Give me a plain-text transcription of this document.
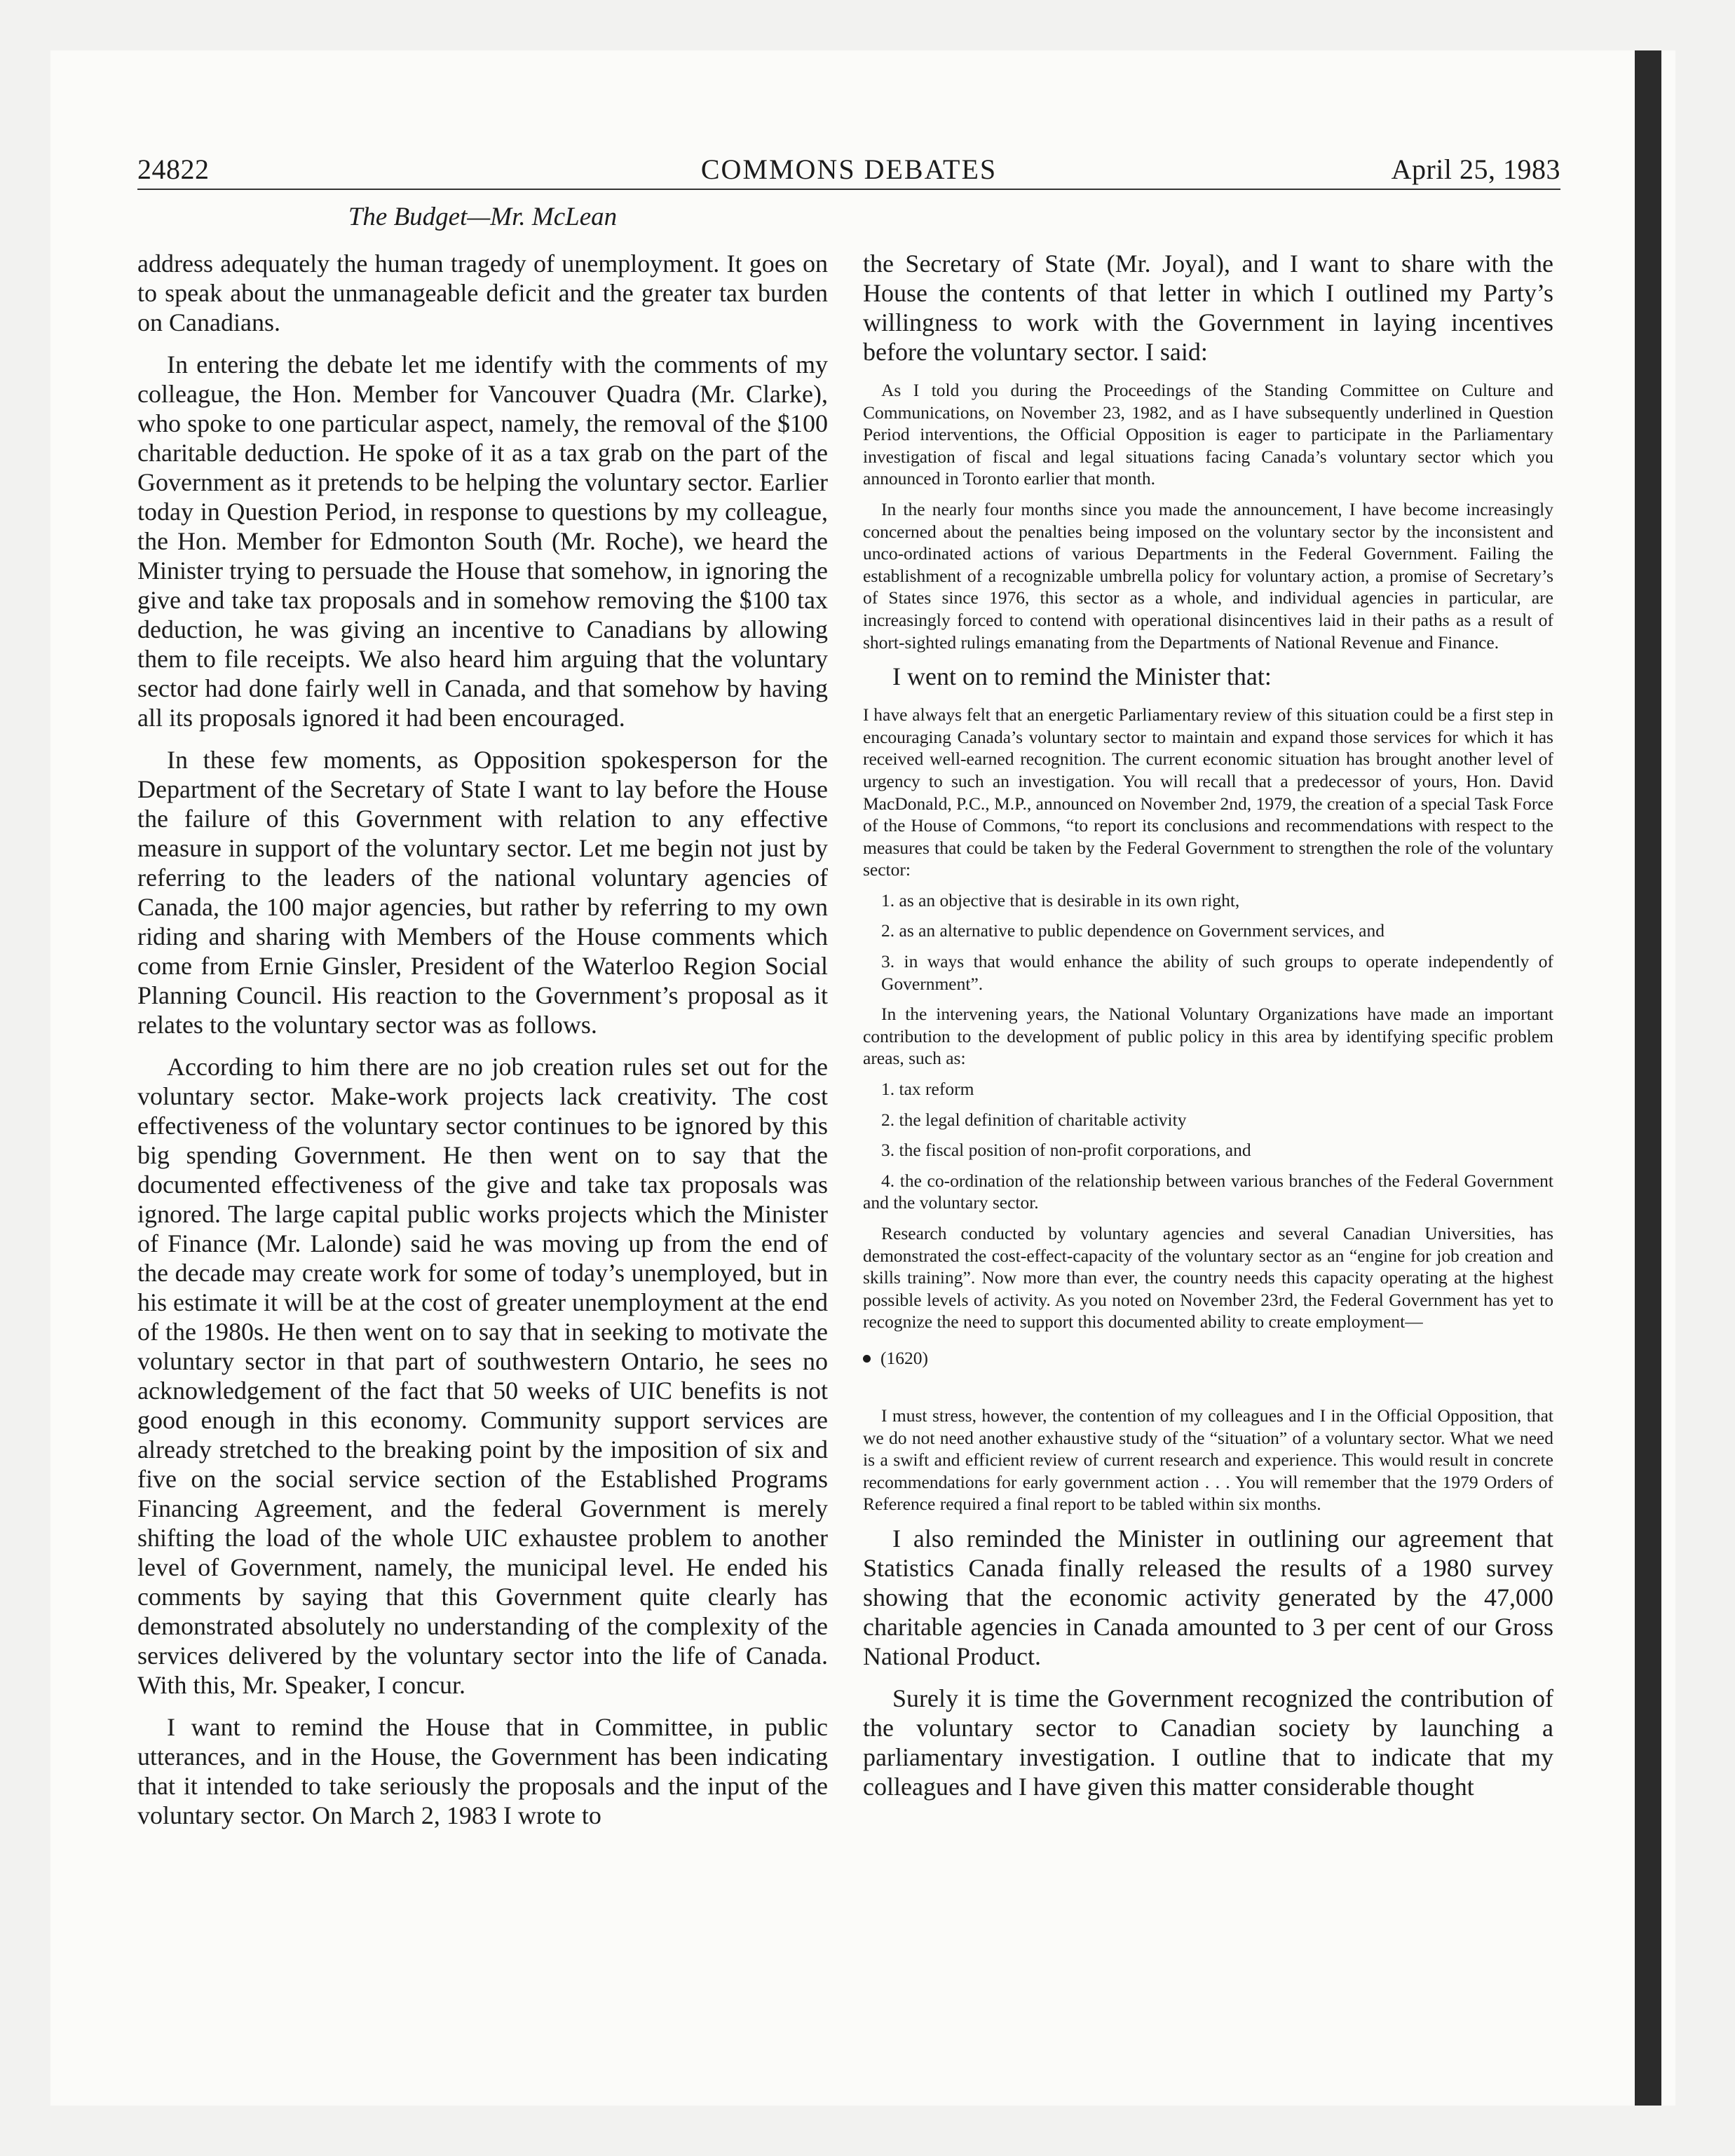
24822	COMMONS DEBATES	April 25, 1983
The Budget—Mr. McLean

address adequately the human tragedy of unemployment. It goes on to speak about the unmanageable deficit and the greater tax burden on Canadians.

In entering the debate let me identify with the comments of my colleague, the Hon. Member for Vancouver Quadra (Mr. Clarke), who spoke to one particular aspect, namely, the removal of the $100 charitable deduction. He spoke of it as a tax grab on the part of the Government as it pretends to be helping the voluntary sector. Earlier today in Question Period, in response to questions by my colleague, the Hon. Member for Edmonton South (Mr. Roche), we heard the Minister trying to persuade the House that somehow, in ignoring the give and take tax proposals and in somehow removing the $100 tax deduction, he was giving an incentive to Canadians by allowing them to file receipts. We also heard him arguing that the voluntary sector had done fairly well in Canada, and that somehow by having all its proposals ignored it had been encouraged.

In these few moments, as Opposition spokesperson for the Department of the Secretary of State I want to lay before the House the failure of this Government with relation to any effective measure in support of the voluntary sector. Let me begin not just by referring to the leaders of the national voluntary agencies of Canada, the 100 major agencies, but rather by referring to my own riding and sharing with Members of the House comments which come from Ernie Ginsler, President of the Waterloo Region Social Planning Council. His reaction to the Government’s proposal as it relates to the voluntary sector was as follows.

According to him there are no job creation rules set out for the voluntary sector. Make-work projects lack creativity. The cost effectiveness of the voluntary sector continues to be ignored by this big spending Government. He then went on to say that the documented effectiveness of the give and take tax proposals was ignored. The large capital public works projects which the Minister of Finance (Mr. Lalonde) said he was moving up from the end of the decade may create work for some of today’s unemployed, but in his estimate it will be at the cost of greater unemployment at the end of the 1980s. He then went on to say that in seeking to motivate the voluntary sector in that part of southwestern Ontario, he sees no acknowledgement of the fact that 50 weeks of UIC benefits is not good enough in this economy. Community support services are already stretched to the breaking point by the imposition of six and five on the social service section of the Established Programs Financing Agreement, and the federal Government is merely shifting the load of the whole UIC exhaustee problem to another level of Government, namely, the municipal level. He ended his comments by saying that this Government quite clearly has demonstrated absolutely no understanding of the complexity of the services delivered by the voluntary sector into the life of Canada. With this, Mr. Speaker, I concur.

I want to remind the House that in Committee, in public utterances, and in the House, the Government has been indicating that it intended to take seriously the proposals and the input of the voluntary sector. On March 2, 1983 I wrote to

the Secretary of State (Mr. Joyal), and I want to share with the House the contents of that letter in which I outlined my Party’s willingness to work with the Government in laying incentives before the voluntary sector. I said:

As I told you during the Proceedings of the Standing Committee on Culture and Communications, on November 23, 1982, and as I have subsequently underlined in Question Period interventions, the Official Opposition is eager to participate in the Parliamentary investigation of fiscal and legal situations facing Canada’s voluntary sector which you announced in Toronto earlier that month.

In the nearly four months since you made the announcement, I have become increasingly concerned about the penalties being imposed on the voluntary sector by the inconsistent and unco-ordinated actions of various Departments in the Federal Government. Failing the establishment of a recognizable umbrella policy for voluntary action, a promise of Secretary’s of States since 1976, this sector as a whole, and individual agencies in particular, are increasingly forced to contend with operational disincentives laid in their paths as a result of short-sighted rulings emanating from the Departments of National Revenue and Finance.

I went on to remind the Minister that:

I have always felt that an energetic Parliamentary review of this situation could be a first step in encouraging Canada’s voluntary sector to maintain and expand those services for which it has received well-earned recognition. The current economic situation has brought another level of urgency to such an investigation. You will recall that a predecessor of yours, Hon. David MacDonald, P.C., M.P., announced on November 2nd, 1979, the creation of a special Task Force of the House of Commons, “to report its conclusions and recommendations with respect to the measures that could be taken by the Federal Government to strengthen the role of the voluntary sector:

1. as an objective that is desirable in its own right,

2. as an alternative to public dependence on Government services, and

3. in ways that would enhance the ability of such groups to operate independently of Government”.

In the intervening years, the National Voluntary Organizations have made an important contribution to the development of public policy in this area by identifying specific problem areas, such as:

1. tax reform

2. the legal definition of charitable activity

3. the fiscal position of non-profit corporations, and

4. the co-ordination of the relationship between various branches of the Federal Government and the voluntary sector.

Research conducted by voluntary agencies and several Canadian Universities, has demonstrated the cost-effect-capacity of the voluntary sector as an “engine for job creation and skills training”. Now more than ever, the country needs this capacity operating at the highest possible levels of activity. As you noted on November 23rd, the Federal Government has yet to recognize the need to support this documented ability to create employment—

(1620)

I must stress, however, the contention of my colleagues and I in the Official Opposition, that we do not need another exhaustive study of the “situation” of a voluntary sector. What we need is a swift and efficient review of current research and experience. This would result in concrete recommendations for early government action . . . You will remember that the 1979 Orders of Reference required a final report to be tabled within six months.

I also reminded the Minister in outlining our agreement that Statistics Canada finally released the results of a 1980 survey showing that the economic activity generated by the 47,000 charitable agencies in Canada amounted to 3 per cent of our Gross National Product.

Surely it is time the Government recognized the contribution of the voluntary sector to Canadian society by launching a parliamentary investigation. I outline that to indicate that my colleagues and I have given this matter considerable thought
